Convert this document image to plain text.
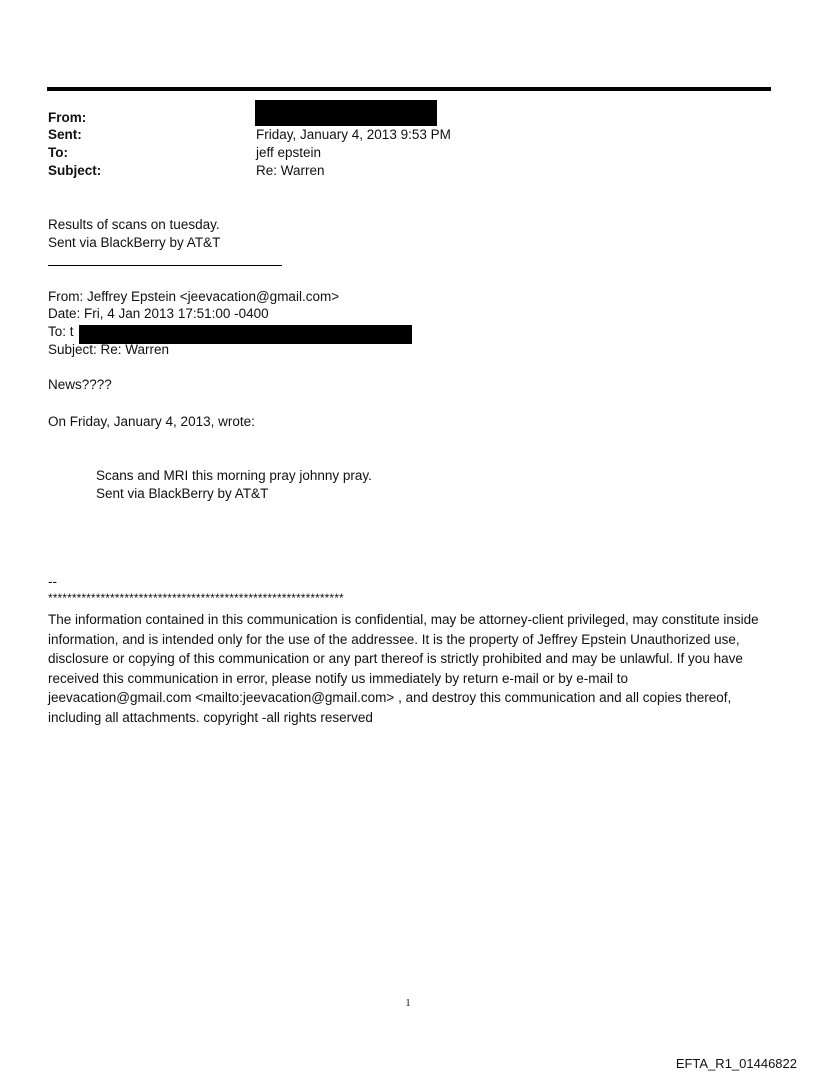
From:
Sent:	Friday, January 4, 2013 9:53 PM
To:	jeff epstein
Subject:	Re: Warren
Results of scans on tuesday.
Sent via BlackBerry by AT&T
From: Jeffrey Epstein <jeevacation@gmail.com>
Date: Fri, 4 Jan 2013 17:51:00 -0400
To: t
Subject: Re: Warren
News????
On Friday, January 4, 2013, wrote:
Scans and MRI this morning pray johnny pray.
Sent via BlackBerry by AT&T
--
**************************************************************

The information contained in this communication is confidential, may be attorney-client privileged, may constitute inside information, and is intended only for the use of the addressee. It is the property of Jeffrey Epstein Unauthorized use, disclosure or copying of this communication or any part thereof is strictly prohibited and may be unlawful. If you have received this communication in error, please notify us immediately by return e-mail or by e-mail to jeevacation@gmail.com <mailto:jeevacation@gmail.com> , and destroy this communication and all copies thereof, including all attachments. copyright -all rights reserved

1
EFTA_R1_01446822
